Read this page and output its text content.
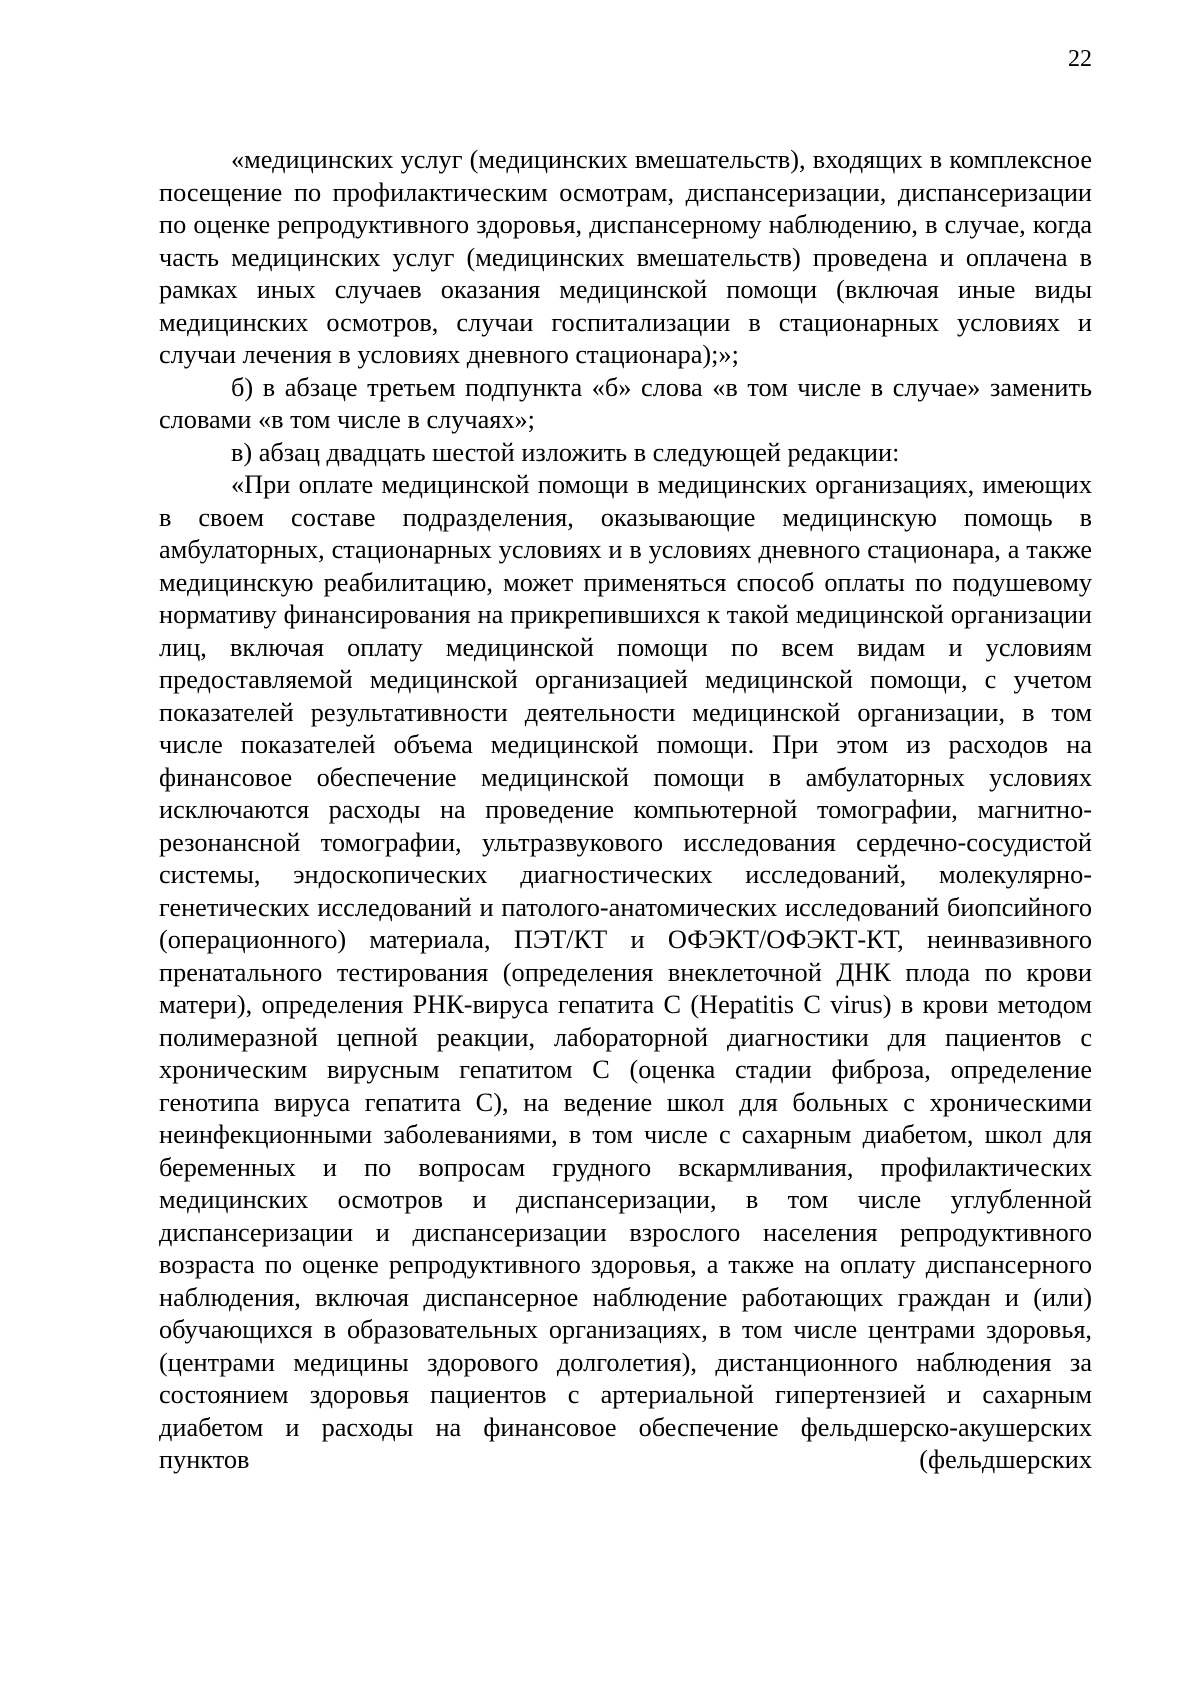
22

«медицинских услуг (медицинских вмешательств), входящих в комплексное посещение по профилактическим осмотрам, диспансеризации, диспансеризации по оценке репродуктивного здоровья, диспансерному наблюдению, в случае, когда часть медицинских услуг (медицинских вмешательств) проведена и оплачена в рамках иных случаев оказания медицинской помощи (включая иные виды медицинских осмотров, случаи госпитализации в стационарных условиях и случаи лечения в условиях дневного стационара);»;

б) в абзаце третьем подпункта «б» слова «в том числе в случае» заменить словами «в том числе в случаях»;

в) абзац двадцать шестой изложить в следующей редакции:

«При оплате медицинской помощи в медицинских организациях, имеющих в своем составе подразделения, оказывающие медицинскую помощь в амбулаторных, стационарных условиях и в условиях дневного стационара, а также медицинскую реабилитацию, может применяться способ оплаты по подушевому нормативу финансирования на прикрепившихся к такой медицинской организации лиц, включая оплату медицинской помощи по всем видам и условиям предоставляемой медицинской организацией медицинской помощи, с учетом показателей результативности деятельности медицинской организации, в том числе показателей объема медицинской помощи. При этом из расходов на финансовое обеспечение медицинской помощи в амбулаторных условиях исключаются расходы на проведение компьютерной томографии, магнитно-резонансной томографии, ультразвукового исследования сердечно-сосудистой системы, эндоскопических диагностических исследований, молекулярно-генетических исследований и патолого-анатомических исследований биопсийного (операционного) материала, ПЭТ/КТ и ОФЭКТ/ОФЭКТ-КТ, неинвазивного пренатального тестирования (определения внеклеточной ДНК плода по крови матери), определения РНК-вируса гепатита С (Hepatitis C virus) в крови методом полимеразной цепной реакции, лабораторной диагностики для пациентов с хроническим вирусным гепатитом С (оценка стадии фиброза, определение генотипа вируса гепатита С), на ведение школ для больных с хроническими неинфекционными заболеваниями, в том числе с сахарным диабетом, школ для беременных и по вопросам грудного вскармливания, профилактических медицинских осмотров и диспансеризации, в том числе углубленной диспансеризации и диспансеризации взрослого населения репродуктивного возраста по оценке репродуктивного здоровья, а также на оплату диспансерного наблюдения, включая диспансерное наблюдение работающих граждан и (или) обучающихся в образовательных организациях, в том числе центрами здоровья, (центрами медицины здорового долголетия), дистанционного наблюдения за состоянием здоровья пациентов с артериальной гипертензией и сахарным диабетом и расходы на финансовое обеспечение фельдшерско-акушерских пунктов (фельдшерских
